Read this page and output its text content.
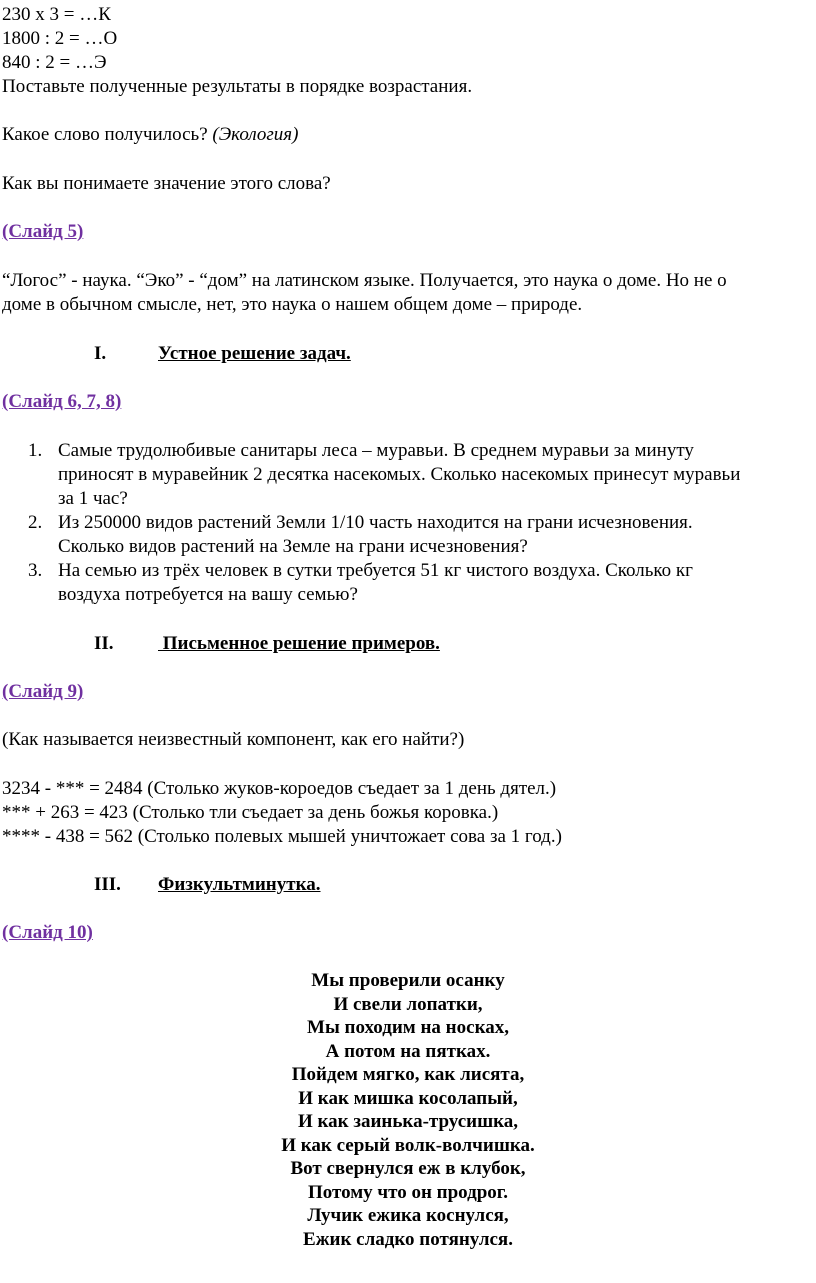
230 х 3 = …К
1800 : 2 = …О
840 : 2 = …Э
Поставьте полученные результаты в порядке возрастания.
Какое слово получилось? (Экология)
Как вы понимаете значение этого слова?
(Слайд 5)
“Логос” - наука. “Эко” - “дом” на латинском языке. Получается, это наука о доме. Но не о
доме в обычном смысле, нет, это наука о нашем общем доме – природе.
I.	Устное решение задач.
(Слайд 6, 7, 8)
1. Самые трудолюбивые санитары леса – муравьи. В среднем муравьи за минуту
приносят в муравейник 2 десятка насекомых. Сколько насекомых принесут муравьи
за 1 час?
2. Из 250000 видов растений Земли 1/10 часть находится на грани исчезновения.
Сколько видов растений на Земле на грани исчезновения?
3. На семью из трёх человек в сутки требуется 51 кг чистого воздуха. Сколько кг
воздуха потребуется на вашу семью?
II. Письменное решение примеров.
(Слайд 9)
(Как называется неизвестный компонент, как его найти?)
3234 - *** = 2484 (Столько жуков-короедов съедает за 1 день дятел.)
*** + 263 = 423 (Столько тли съедает за день божья коровка.)
**** - 438 = 562 (Столько полевых мышей уничтожает сова за 1 год.)
III. Физкультминутка.
(Слайд 10)
Мы проверили осанку
И свели лопатки,
Мы походим на носках,
А потом на пятках.
Пойдем мягко, как лисята,
И как мишка косолапый,
И как заинька-трусишка,
И как серый волк-волчишка.
Вот свернулся еж в клубок,
Потому что он продрог.
Лучик ежика коснулся,
Ежик сладко потянулся.
